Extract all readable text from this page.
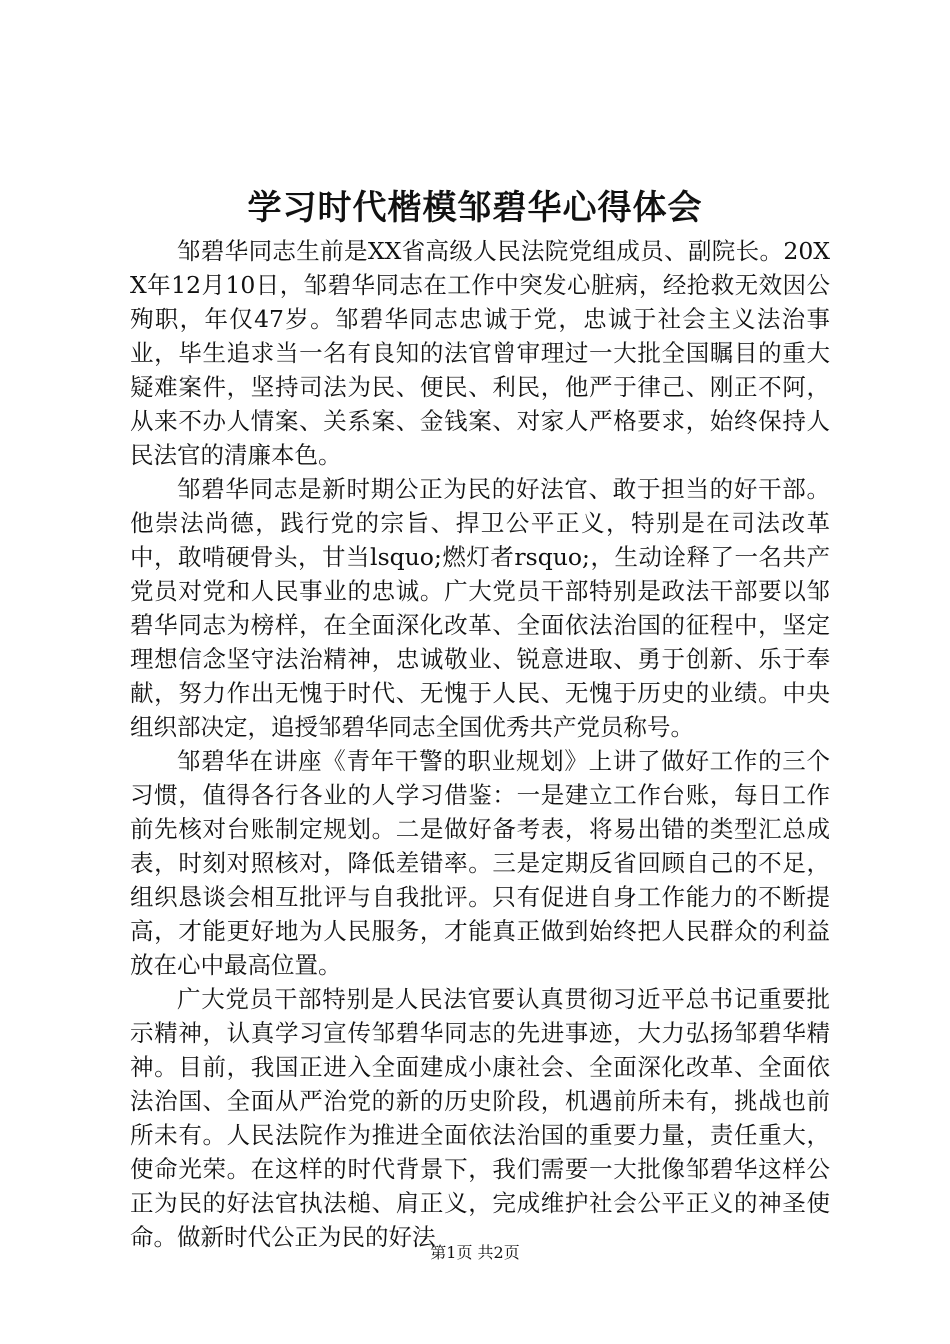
学习时代楷模邹碧华心得体会

邹碧华同志生前是XX省高级人民法院党组成员、副院长。20XX年12月10日，邹碧华同志在工作中突发心脏病，经抢救无效因公殉职，年仅47岁。邹碧华同志忠诚于党，忠诚于社会主义法治事业，毕生追求当一名有良知的法官曾审理过一大批全国瞩目的重大疑难案件，坚持司法为民、便民、利民，他严于律己、刚正不阿，从来不办人情案、关系案、金钱案、对家人严格要求，始终保持人民法官的清廉本色。

邹碧华同志是新时期公正为民的好法官、敢于担当的好干部。他崇法尚德，践行党的宗旨、捍卫公平正义，特别是在司法改革中，敢啃硬骨头，甘当lsquo;燃灯者rsquo;，生动诠释了一名共产党员对党和人民事业的忠诚。广大党员干部特别是政法干部要以邹碧华同志为榜样，在全面深化改革、全面依法治国的征程中，坚定理想信念坚守法治精神，忠诚敬业、锐意进取、勇于创新、乐于奉献，努力作出无愧于时代、无愧于人民、无愧于历史的业绩。中央组织部决定，追授邹碧华同志全国优秀共产党员称号。

邹碧华在讲座《青年干警的职业规划》上讲了做好工作的三个习惯，值得各行各业的人学习借鉴：一是建立工作台账，每日工作前先核对台账制定规划。二是做好备考表，将易出错的类型汇总成表，时刻对照核对，降低差错率。三是定期反省回顾自己的不足，组织恳谈会相互批评与自我批评。只有促进自身工作能力的不断提高，才能更好地为人民服务，才能真正做到始终把人民群众的利益放在心中最高位置。

广大党员干部特别是人民法官要认真贯彻习近平总书记重要批示精神，认真学习宣传邹碧华同志的先进事迹，大力弘扬邹碧华精神。目前，我国正进入全面建成小康社会、全面深化改革、全面依法治国、全面从严治党的新的历史阶段，机遇前所未有，挑战也前所未有。人民法院作为推进全面依法治国的重要力量，责任重大，使命光荣。在这样的时代背景下，我们需要一大批像邹碧华这样公正为民的好法官执法槌、肩正义，完成维护社会公平正义的神圣使命。做新时代公正为民的好法

第1页 共2页
